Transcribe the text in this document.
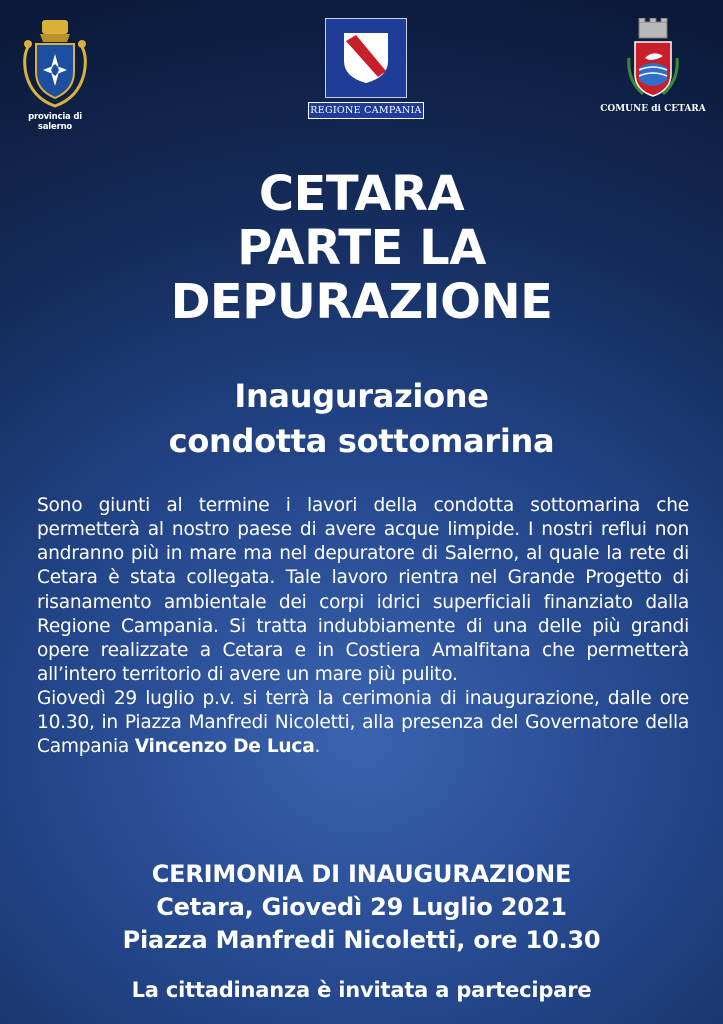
provincia di salerno
REGIONE CAMPANIA	COMUNE di CETARA
CETARA
PARTE LA
DEPURAZIONE
Inaugurazione
condotta sottomarina

Sono giunti al termine i lavori della condotta sottomarina che permetterà al nostro paese di avere acque limpide. I nostri reflui non andranno più in mare ma nel depuratore di Salerno, al quale la rete di Cetara è stata collegata. Tale lavoro rientra nel Grande Progetto di risanamento ambientale dei corpi idrici superficiali finanziato dalla Regione Campania. Si tratta indubbiamente di una delle più grandi opere realizzate a Cetara e in Costiera Amalfitana che permetterà all’intero territorio di avere un mare più pulito.

Giovedì 29 luglio p.v. si terrà la cerimonia di inaugurazione, dalle ore 10.30, in Piazza Manfredi Nicoletti, alla presenza del Governatore della Campania Vincenzo De Luca.

CERIMONIA DI INAUGURAZIONE
Cetara, Giovedì 29 Luglio 2021
Piazza Manfredi Nicoletti, ore 10.30
La cittadinanza è invitata a partecipare
